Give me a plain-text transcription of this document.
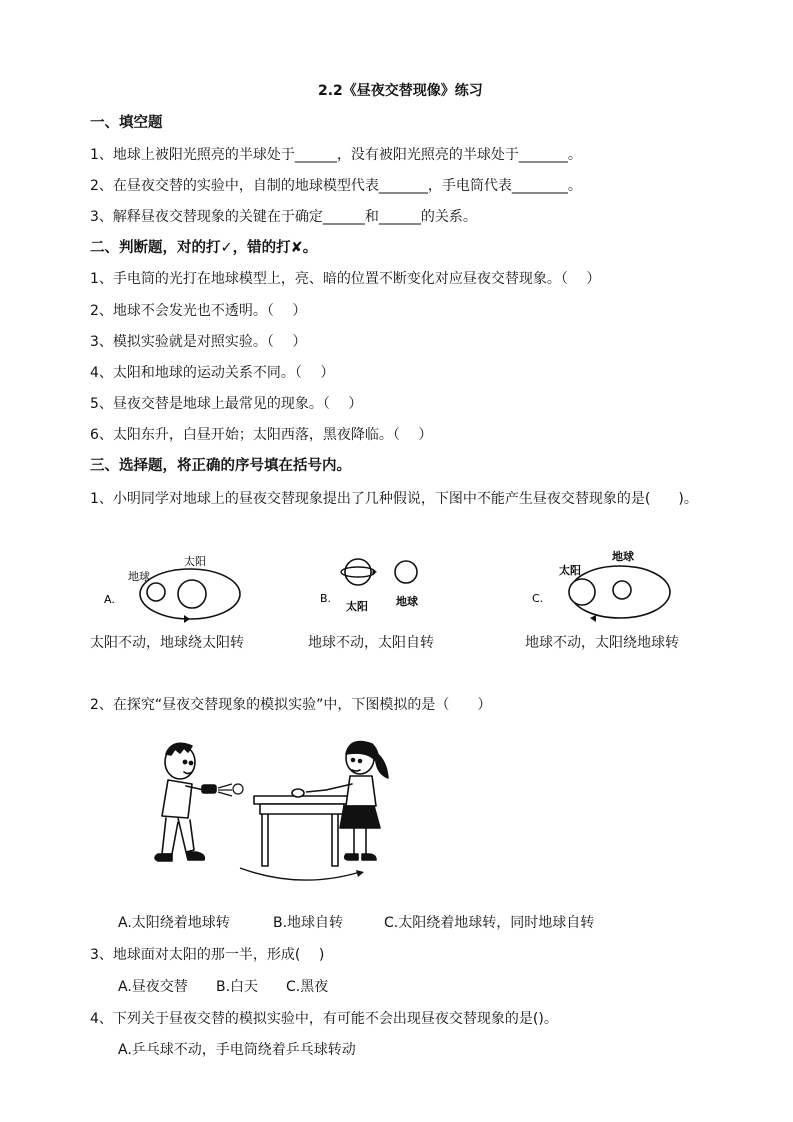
2.2《昼夜交替现像》练习
一、填空题
1、地球上被阳光照亮的半球处于______，没有被阳光照亮的半球处于_______。
2、在昼夜交替的实验中，自制的地球模型代表_______，手电筒代表________。
3、解释昼夜交替现象的关键在于确定______和______的关系。
二、判断题，对的打✓，错的打✘。
1、手电筒的光打在地球模型上，亮、暗的位置不断变化对应昼夜交替现象。（　 ）
2、地球不会发光也不透明。（　 ）
3、模拟实验就是对照实验。（　 ）
4、太阳和地球的运动关系不同。（　 ）
5、昼夜交替是地球上最常见的现象。（　 ）
6、太阳东升，白昼开始；太阳西落，黑夜降临。（　 ）
三、选择题，将正确的序号填在括号内。
1、小明同学对地球上的昼夜交替现象提出了几种假说，下图中不能产生昼夜交替现象的是(　　)。
A.
地球
太阳
太阳不动，地球绕太阳转
B.
太阳	地球
地球不动，太阳自转
C.
太阳
地球
地球不动，太阳绕地球转
2、在探究“昼夜交替现象的模拟实验”中，下图模拟的是（　　）
A.太阳绕着地球转	B.地球自转	C.太阳绕着地球转，同时地球自转
3、地球面对太阳的那一半，形成(　 )
A.昼夜交替 B.白天 C.黑夜
4、下列关于昼夜交替的模拟实验中，有可能不会出现昼夜交替现象的是()。
A.乒乓球不动，手电筒绕着乒乓球转动
